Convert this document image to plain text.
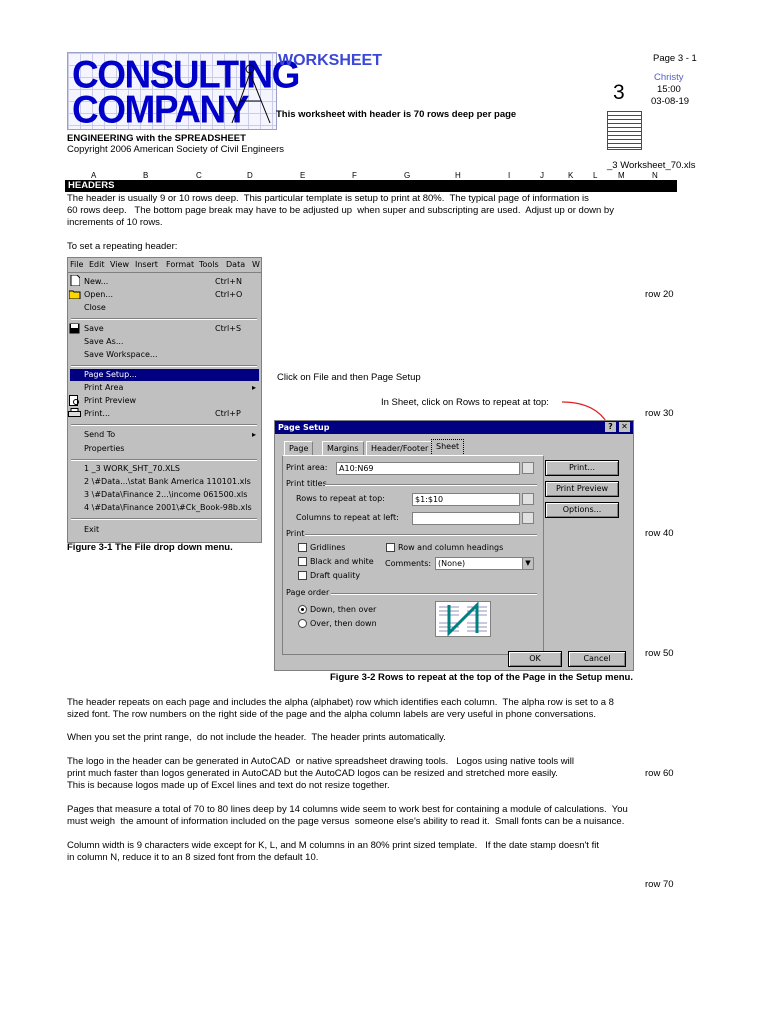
CONSULTING
COMPANY
WORKSHEET
This worksheet with header is 70 rows deep per page
Page 3 - 1
Christy
3	15:00
03-08-19
ENGINEERING with the SPREADSHEET
Copyright 2006 American Society of Civil Engineers
_3 Worksheet_70.xls
A	B	C	D	E	F	G	H	I	J	K L	M	N
HEADERS
The header is usually 9 or 10 rows deep.  This particular template is setup to print at 80%.  The typical page of information is
60 rows deep.   The bottom page break may have to be adjusted up  when super and subscripting are used.  Adjust up or down by
increments of 10 rows.
To set a repeating header:
File Edit View Insert Format Tools Data W
New...	Ctrl+N
Open...	Ctrl+O
Close
Save	Ctrl+S
Save As...
Save Workspace...
Page Setup...
Print Area	▸
Print Preview
Print...	Ctrl+P
Send To	▸
Properties
1 _3 WORK_SHT_70.XLS
2 \#Data...\stat Bank America 110101.xls
3 \#Data\Finance 2...\income 061500.xls
4 \#Data\Finance 2001\#Ck_Book-98b.xls
Exit
Figure 3-1 The File drop down menu.
Click on File and then Page Setup
In Sheet, click on Rows to repeat at top:
Page Setup	?	✕
Page	Margins	Header/Footer Sheet
Print area:	A10:N69
Print titles
Rows to repeat at top:	$1:$10
Columns to repeat at left:
Print
Gridlines	Row and column headings
Black and white Comments: (None)	▼
Draft quality
Page order
Down, then over
Over, then down
Print...
Print Preview
Options...
OK	Cancel
Figure 3-2 Rows to repeat at the top of the Page in the Setup menu.
row 20
row 30
row 40
row 50
row 60
row 70
The header repeats on each page and includes the alpha (alphabet) row which identifies each column.  The alpha row is set to a 8
sized font. The row numbers on the right side of the page and the alpha column labels are very useful in phone conversations.
When you set the print range,  do not include the header.  The header prints automatically.
The logo in the header can be generated in AutoCAD  or native spreadsheet drawing tools.   Logos using native tools will
print much faster than logos generated in AutoCAD but the AutoCAD logos can be resized and stretched more easily.
This is because logos made up of Excel lines and text do not resize together.
Pages that measure a total of 70 to 80 lines deep by 14 columns wide seem to work best for containing a module of calculations.  You
must weigh  the amount of information included on the page versus  someone else's ability to read it.  Small fonts can be a nuisance.
Column width is 9 characters wide except for K, L, and M columns in an 80% print sized template.   If the date stamp doesn't fit
in column N, reduce it to an 8 sized font from the default 10.
